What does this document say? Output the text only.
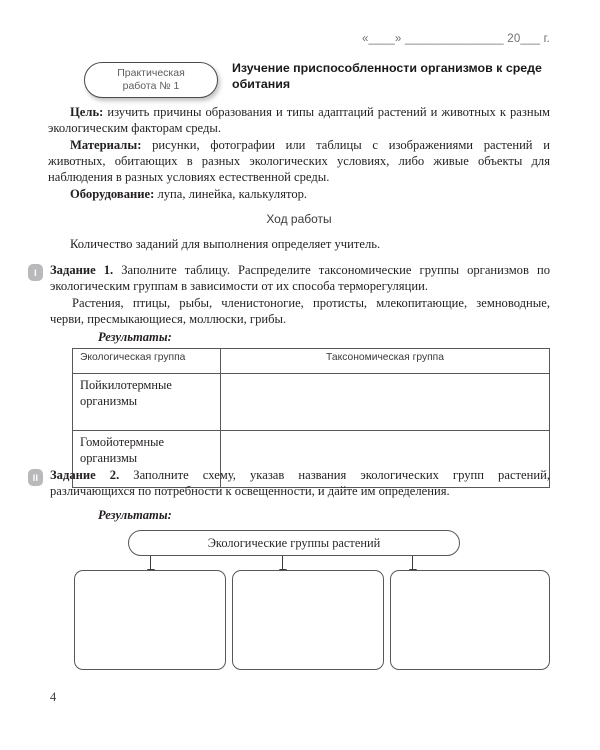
«____» _______________ 20___ г.
Практическая
работа № 1
Изучение приспособленности организмов к среде обитания

Цель: изучить причины образования и типы адаптаций растений и животных к разным экологическим факторам среды.

Материалы: рисунки, фотографии или таблицы с изображениями растений и животных, обитающих в разных экологических условиях, либо живые объекты для наблюдения в разных условиях естественной среды.

Оборудование: лупа, линейка, калькулятор.

Ход работы
Количество заданий для выполнения определяет учитель.
I	Задание 1. Заполните таблицу. Распределите таксономические группы организмов по экологическим группам в зависимости от их способа терморегуляции.

Растения, птицы, рыбы, членистоногие, протисты, млекопитающие, земноводные, черви, пресмыкающиеся, моллюски, грибы.

Результаты:
Экологическая группа	Таксономическая группа
Пойкилотермные организмы	
Гомойотермные организмы	
II Задание 2. Заполните схему, указав названия экологических групп растений, различающихся по потребности к освещенности, и дайте им определения.

Результаты:
Экологические группы растений
4
